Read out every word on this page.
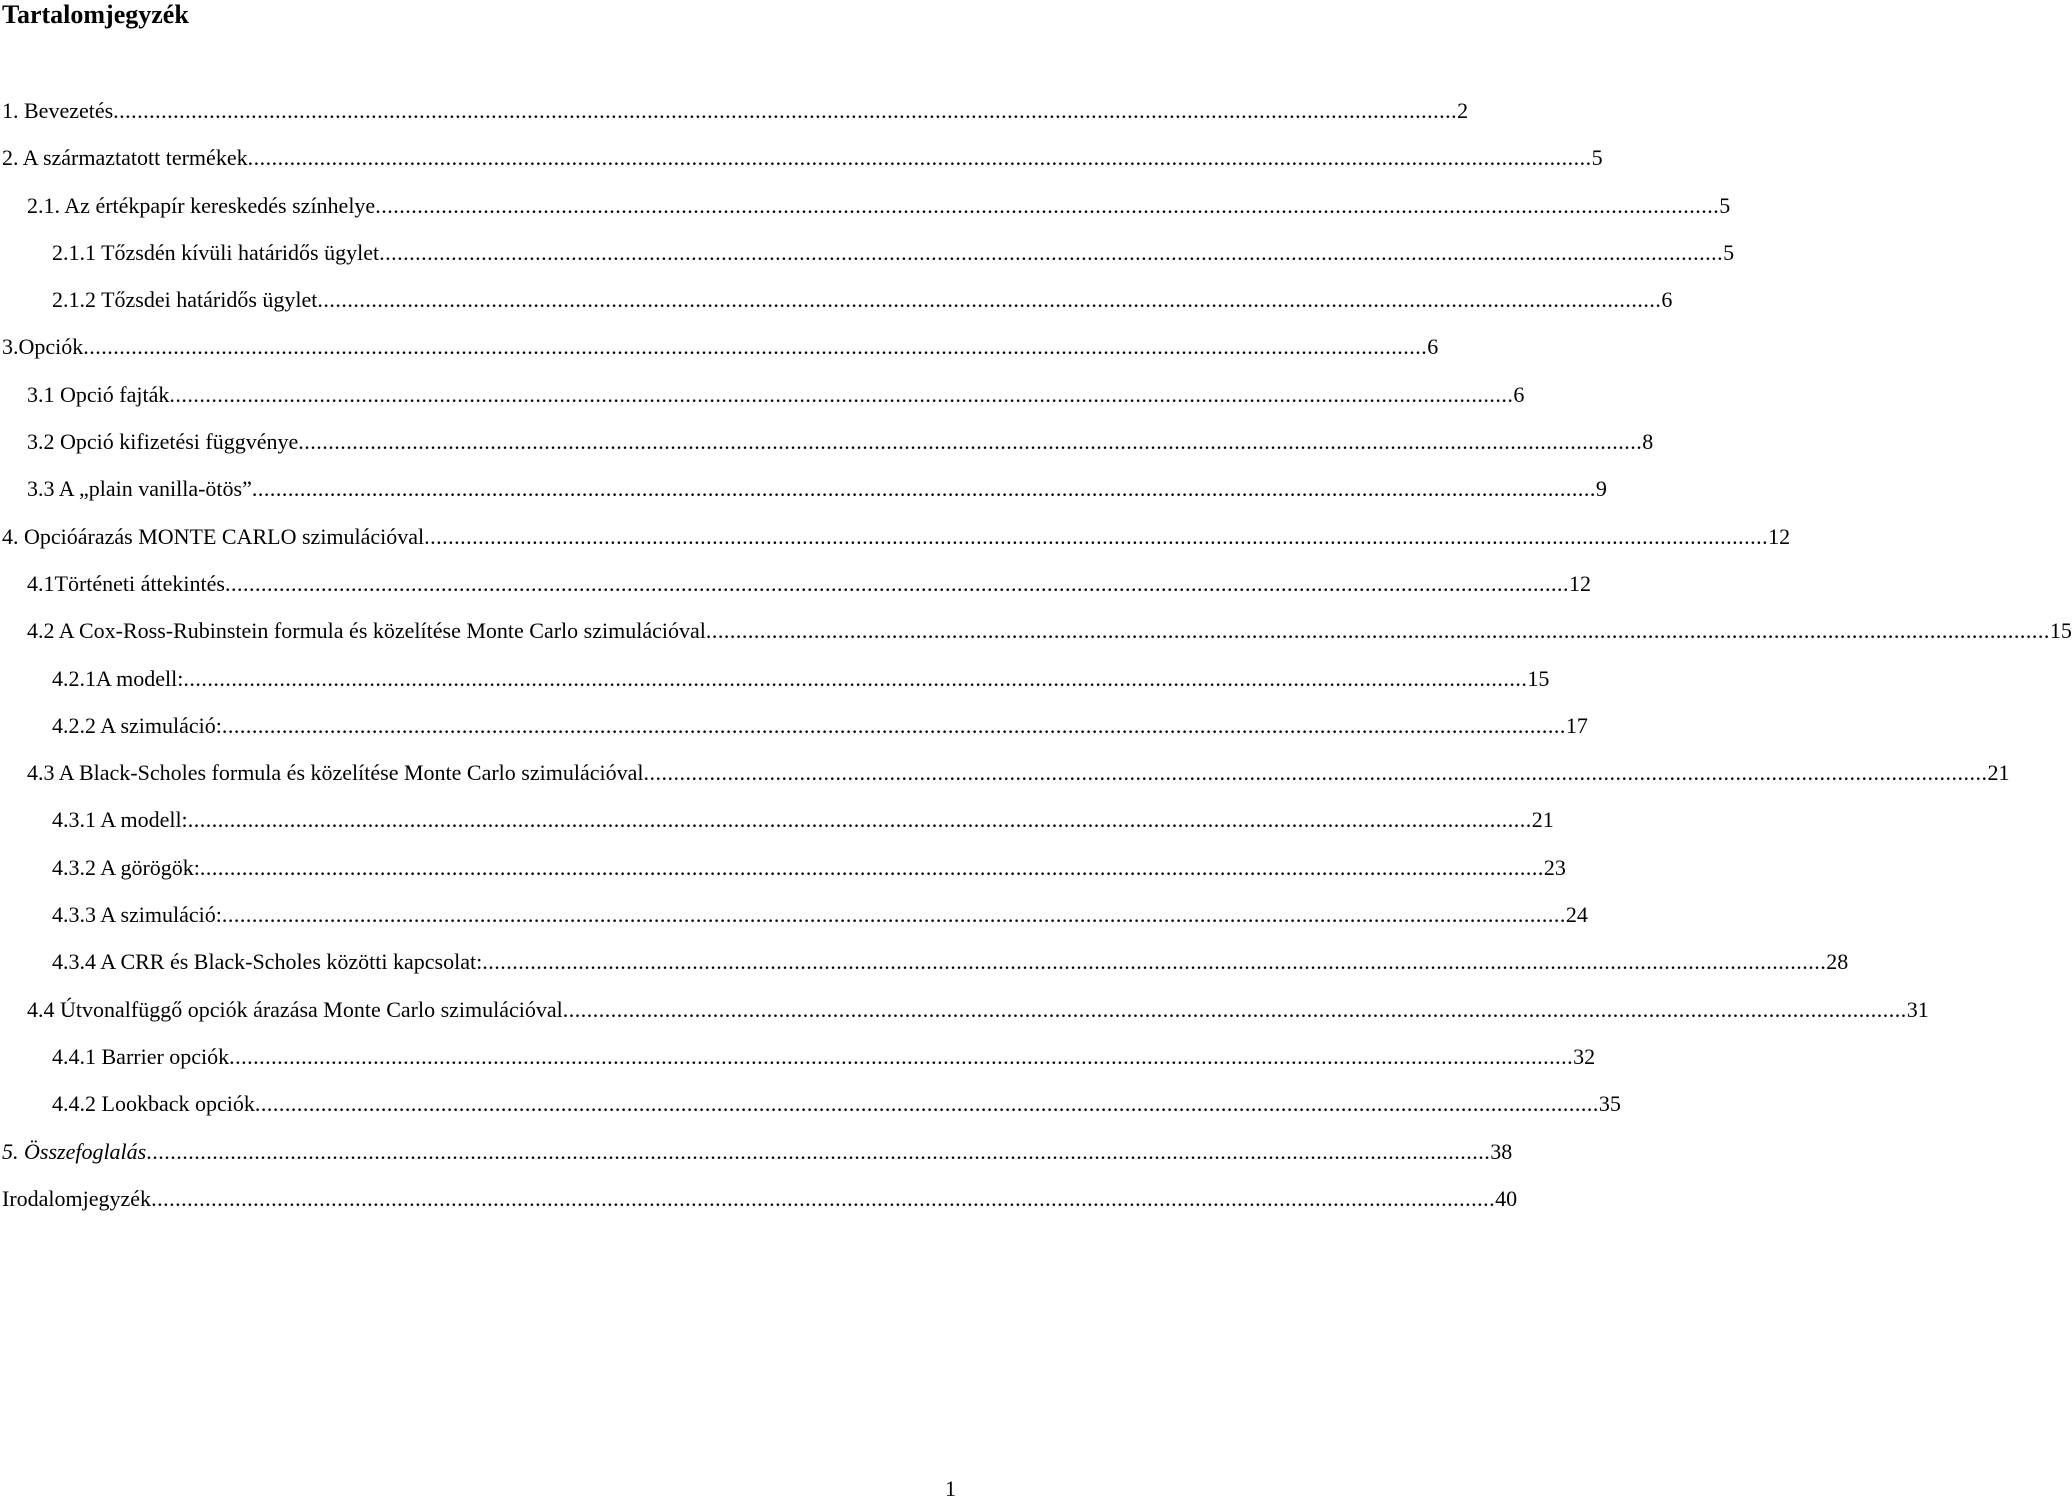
Tartalomjegyzék
1. Bevezetés ................................................................................................................................................................................................................................ 2
2. A származtatott termékek ................................................................................................................................................................................................................................ 5
2.1. Az értékpapír kereskedés színhelye ................................................................................................................................................................................................................................ 5
2.1.1 Tőzsdén kívüli határidős ügylet ................................................................................................................................................................................................................................ 5
2.1.2 Tőzsdei határidős ügylet ................................................................................................................................................................................................................................ 6
3.Opciók ................................................................................................................................................................................................................................ 6
3.1 Opció fajták ................................................................................................................................................................................................................................ 6
3.2 Opció kifizetési függvénye ................................................................................................................................................................................................................................ 8
3.3 A „plain vanilla-ötös” ................................................................................................................................................................................................................................ 9
4. Opcióárazás MONTE CARLO szimulációval ................................................................................................................................................................................................................................ 12
4.1Történeti áttekintés ................................................................................................................................................................................................................................ 12
4.2 A Cox-Ross-Rubinstein formula és közelítése Monte Carlo szimulációval ................................................................................................................................................................................................................................ 15
4.2.1A modell: ................................................................................................................................................................................................................................ 15
4.2.2 A szimuláció: ................................................................................................................................................................................................................................ 17
4.3 A Black-Scholes formula és közelítése Monte Carlo szimulációval ................................................................................................................................................................................................................................ 21
4.3.1 A modell: ................................................................................................................................................................................................................................ 21
4.3.2 A görögök: ................................................................................................................................................................................................................................ 23
4.3.3 A szimuláció: ................................................................................................................................................................................................................................ 24
4.3.4 A CRR és Black-Scholes közötti kapcsolat: ................................................................................................................................................................................................................................ 28
4.4 Útvonalfüggő opciók árazása Monte Carlo szimulációval ................................................................................................................................................................................................................................ 31
4.4.1 Barrier opciók ................................................................................................................................................................................................................................ 32
4.4.2 Lookback opciók ................................................................................................................................................................................................................................ 35
5. Összefoglalás ................................................................................................................................................................................................................................ 38
Irodalomjegyzék ................................................................................................................................................................................................................................ 40
1
